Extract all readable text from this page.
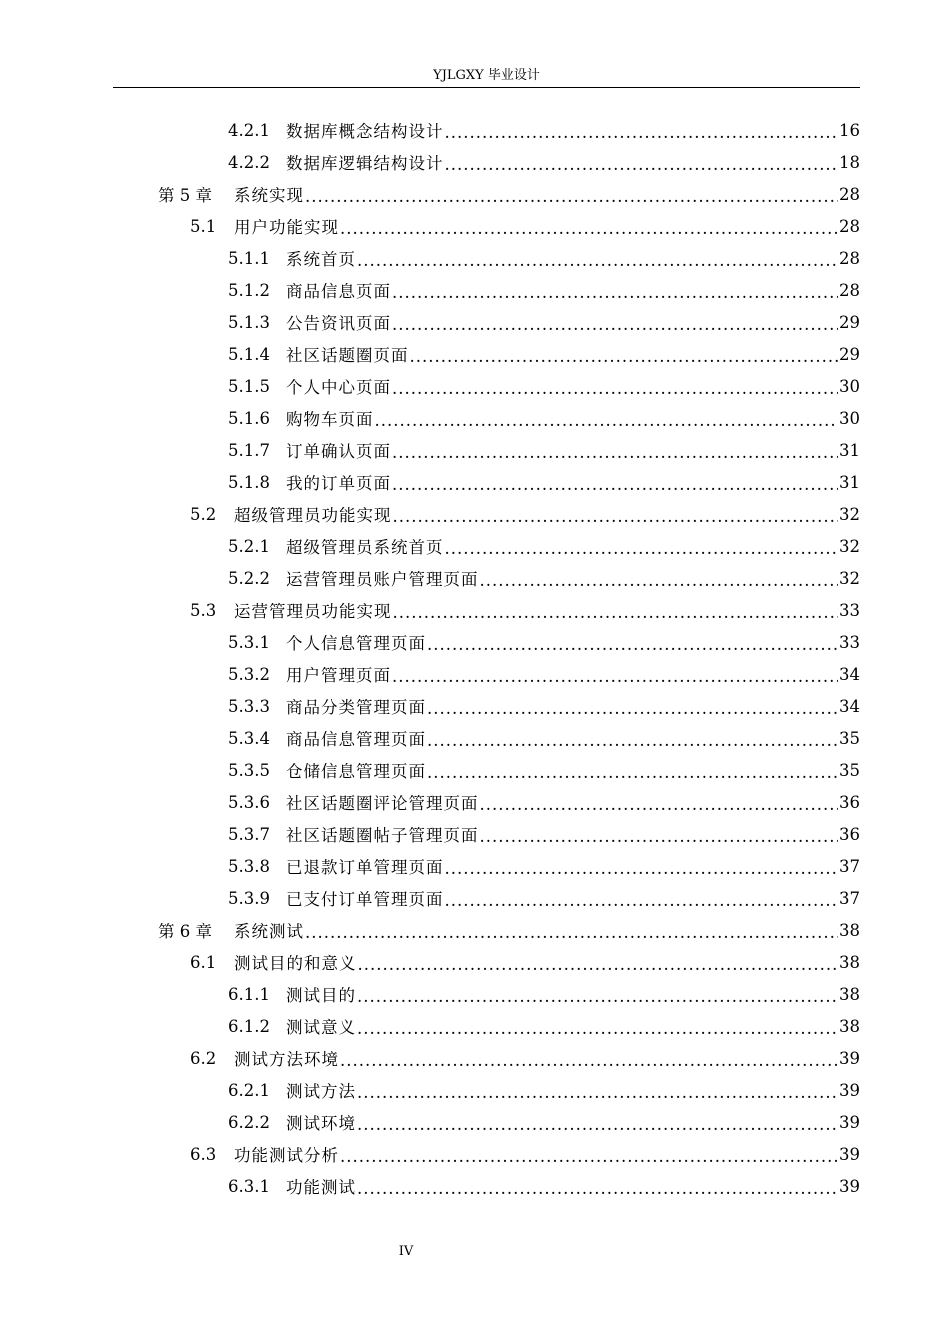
YJLGXY 毕业设计
4.2.1 数据库概念结构设计 .....	16
4.2.2 数据库逻辑结构设计 .....	18
第 5 章	系统实现 .....	28
5.1	用户功能实现 .....	28
5.1.1 系统首页 .....	28
5.1.2 商品信息页面 .....	28
5.1.3 公告资讯页面 .....	29
5.1.4 社区话题圈页面 .....	29
5.1.5 个人中心页面 .....	30
5.1.6 购物车页面 .....	30
5.1.7 订单确认页面 .....	31
5.1.8 我的订单页面 .....	31
5.2	超级管理员功能实现 .....	32
5.2.1 超级管理员系统首页 .....	32
5.2.2 运营管理员账户管理页面 .....	32
5.3	运营管理员功能实现 .....	33
5.3.1 个人信息管理页面 .....	33
5.3.2 用户管理页面 .....	34
5.3.3 商品分类管理页面 .....	34
5.3.4 商品信息管理页面 .....	35
5.3.5 仓储信息管理页面 .....	35
5.3.6 社区话题圈评论管理页面 .....	36
5.3.7 社区话题圈帖子管理页面 .....	36
5.3.8 已退款订单管理页面 .....	37
5.3.9 已支付订单管理页面 .....	37
第 6 章	系统测试 .....	38
6.1	测试目的和意义 .....	38
6.1.1 测试目的 .....	38
6.1.2 测试意义 .....	38
6.2	测试方法环境 .....	39
6.2.1 测试方法 .....	39
6.2.2 测试环境 .....	39
6.3	功能测试分析 .....	39
6.3.1 功能测试 .....	39
IV
